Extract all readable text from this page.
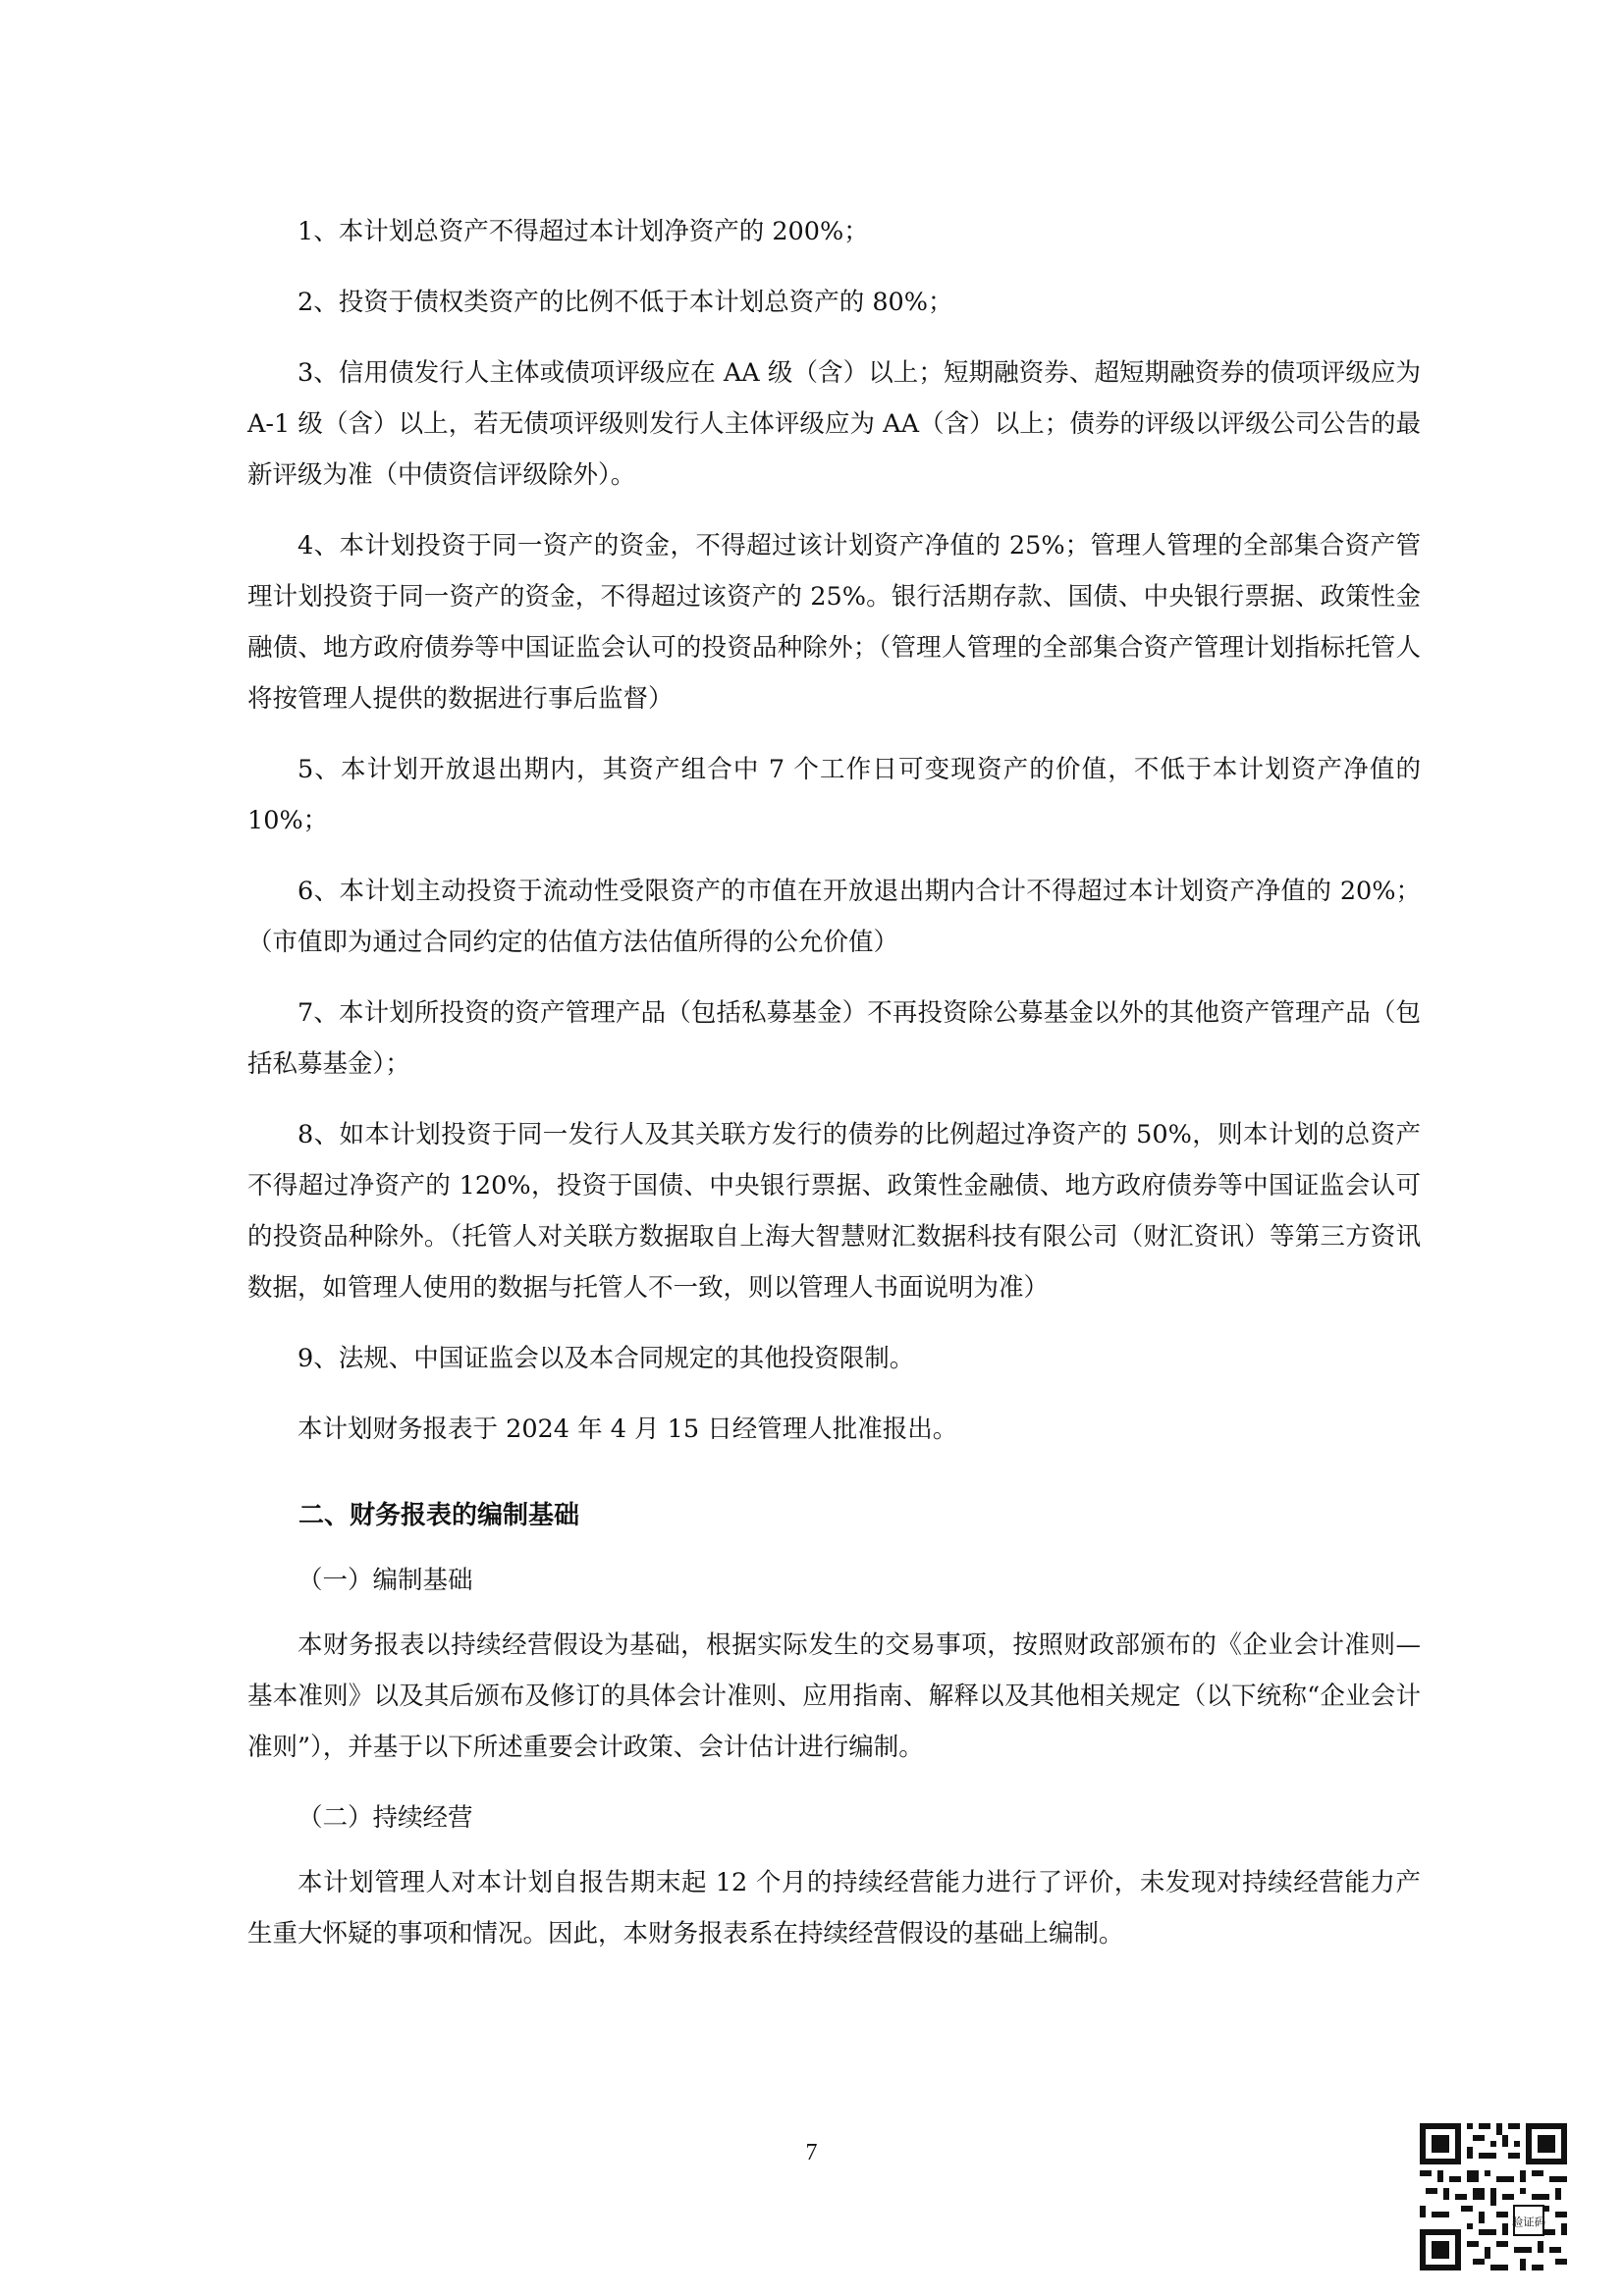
1、本计划总资产不得超过本计划净资产的 200%；

2、投资于债权类资产的比例不低于本计划总资产的 80%；

3、信用债发行人主体或债项评级应在 AA 级（含）以上；短期融资券、超短期融资券的债项评级应为 A-1 级（含）以上，若无债项评级则发行人主体评级应为 AA（含）以上；债券的评级以评级公司公告的最新评级为准（中债资信评级除外）。

4、本计划投资于同一资产的资金，不得超过该计划资产净值的 25%；管理人管理的全部集合资产管理计划投资于同一资产的资金，不得超过该资产的 25%。银行活期存款、国债、中央银行票据、政策性金融债、地方政府债券等中国证监会认可的投资品种除外；（管理人管理的全部集合资产管理计划指标托管人将按管理人提供的数据进行事后监督）

5、本计划开放退出期内，其资产组合中 7 个工作日可变现资产的价值，不低于本计划资产净值的 10%；

6、本计划主动投资于流动性受限资产的市值在开放退出期内合计不得超过本计划资产净值的 20%；（市值即为通过合同约定的估值方法估值所得的公允价值）

7、本计划所投资的资产管理产品（包括私募基金）不再投资除公募基金以外的其他资产管理产品（包括私募基金）；

8、如本计划投资于同一发行人及其关联方发行的债券的比例超过净资产的 50%，则本计划的总资产不得超过净资产的 120%，投资于国债、中央银行票据、政策性金融债、地方政府债券等中国证监会认可的投资品种除外。（托管人对关联方数据取自上海大智慧财汇数据科技有限公司（财汇资讯）等第三方资讯数据，如管理人使用的数据与托管人不一致，则以管理人书面说明为准）

9、法规、中国证监会以及本合同规定的其他投资限制。

本计划财务报表于 2024 年 4 月 15 日经管理人批准报出。

二、财务报表的编制基础
（一）编制基础

本财务报表以持续经营假设为基础，根据实际发生的交易事项，按照财政部颁布的《企业会计准则—基本准则》以及其后颁布及修订的具体会计准则、应用指南、解释以及其他相关规定（以下统称“企业会计准则”），并基于以下所述重要会计政策、会计估计进行编制。

（二）持续经营

本计划管理人对本计划自报告期末起 12 个月的持续经营能力进行了评价，未发现对持续经营能力产生重大怀疑的事项和情况。因此，本财务报表系在持续经营假设的基础上编制。

7
验证码
